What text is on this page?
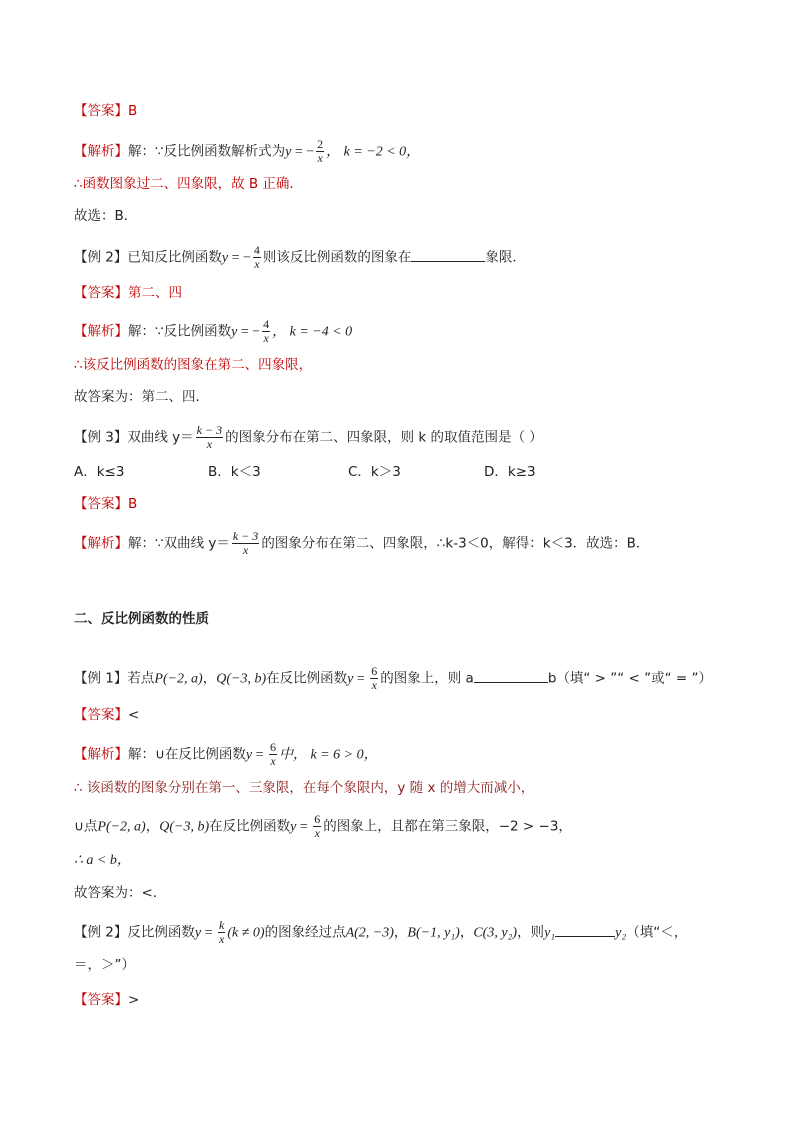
【答案】B
【解析】解：∵反比例函数解析式为y = − $\frac{2}{x}$ ， k = −2 < 0，
∴函数图象过二、四象限，故 B 正确．
故选：B．
【例 2】已知反比例函数y = − $\frac{4}{x}$ 则该反比例函数的图象在	象限．
【答案】第二、四
【解析】解：∵反比例函数y = − $\frac{4}{x}$ ， k = −4 < 0
∴该反比例函数的图象在第二、四象限，
故答案为：第二、四．
【例 3】双曲线 $y= \frac{k - 3}{x}$ 的图象分布在第二、四象限，则 k 的取值范围是（ ）
A．k≤3	B．k＜3	C．k＞3	D．k≥3
【答案】B
【解析】解：∵双曲线 $y= \frac{k - 3}{x}$ 的图象分布在第二、四象限，∴k-3＜0，解得：k＜3．故选：B．
二、反比例函数的性质
【例 1】若点P(−2, a)，Q(−3, b)在反比例函数$y = \frac{6}{x}$ 的图象上，则 a	b（填“ > ”“ < ”或“ = ”）
【答案】<
【解析】解：∪在反比例函数$y = \frac{6}{x}$ 中， k = 6 > 0，
∴ 该函数的图象分别在第一、三象限，在每个象限内，y 随 x 的增大而减小，
∪点P(−2, a)，Q(−3, b)在反比例函数$y = \frac{6}{x}$ 的图象上，且都在第三象限，−2 > −3，
∴ a < b，
故答案为：<．
【例 2】反比例函数$y = \frac{k}{x} (k \ne 0)$的图象经过点A(2, −3)，B(−1, y₁)，C(3, y₂)，则y₁	y₂（填“＜，
＝，＞”）
【答案】>
